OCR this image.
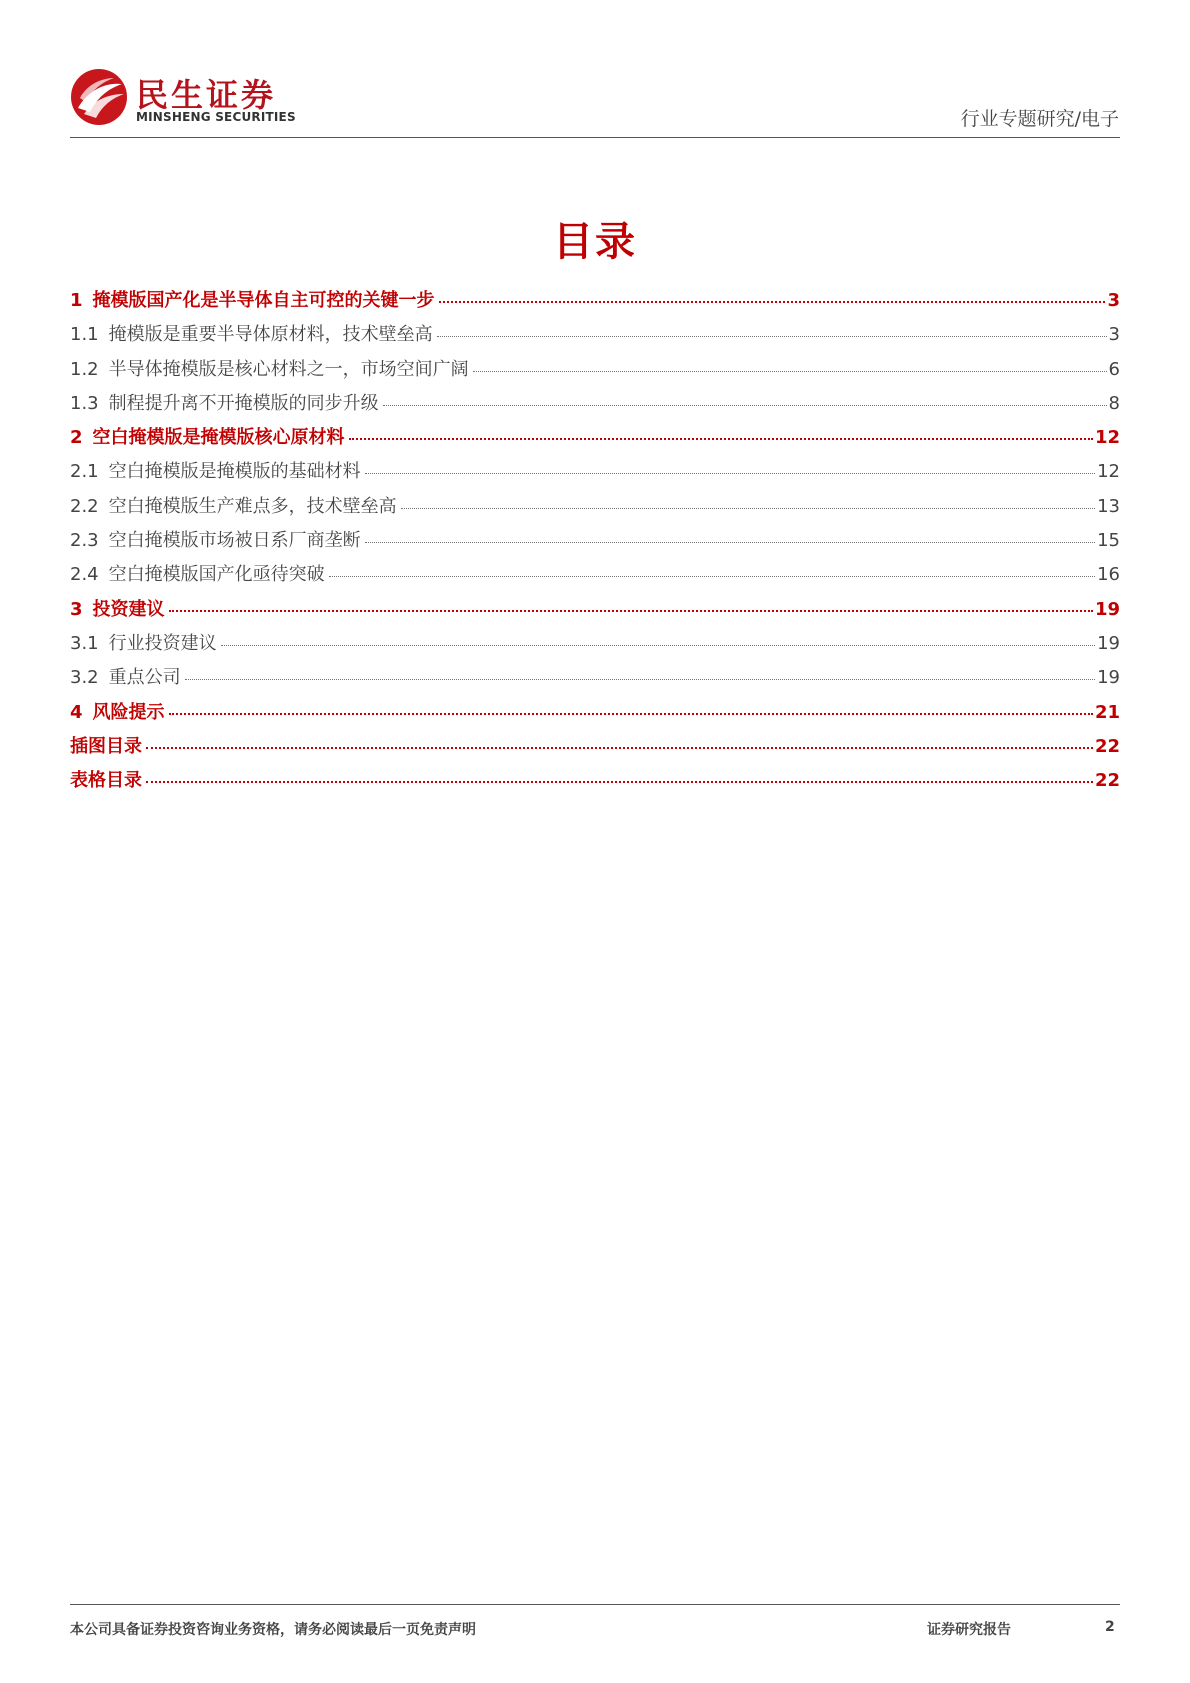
民生证券
MINSHENG SECURITIES	行业专题研究/电子
目录
1 掩模版国产化是半导体自主可控的关键一步	3
1.1 掩模版是重要半导体原材料，技术壁垒高	3
1.2 半导体掩模版是核心材料之一，市场空间广阔	6
1.3 制程提升离不开掩模版的同步升级	8
2 空白掩模版是掩模版核心原材料	12
2.1 空白掩模版是掩模版的基础材料	12
2.2 空白掩模版生产难点多，技术壁垒高	13
2.3 空白掩模版市场被日系厂商垄断	15
2.4 空白掩模版国产化亟待突破	16
3 投资建议	19
3.1 行业投资建议	19
3.2 重点公司	19
4 风险提示	21
插图目录	22
表格目录	22
本公司具备证券投资咨询业务资格，请务必阅读最后一页免责声明	证券研究报告	2
